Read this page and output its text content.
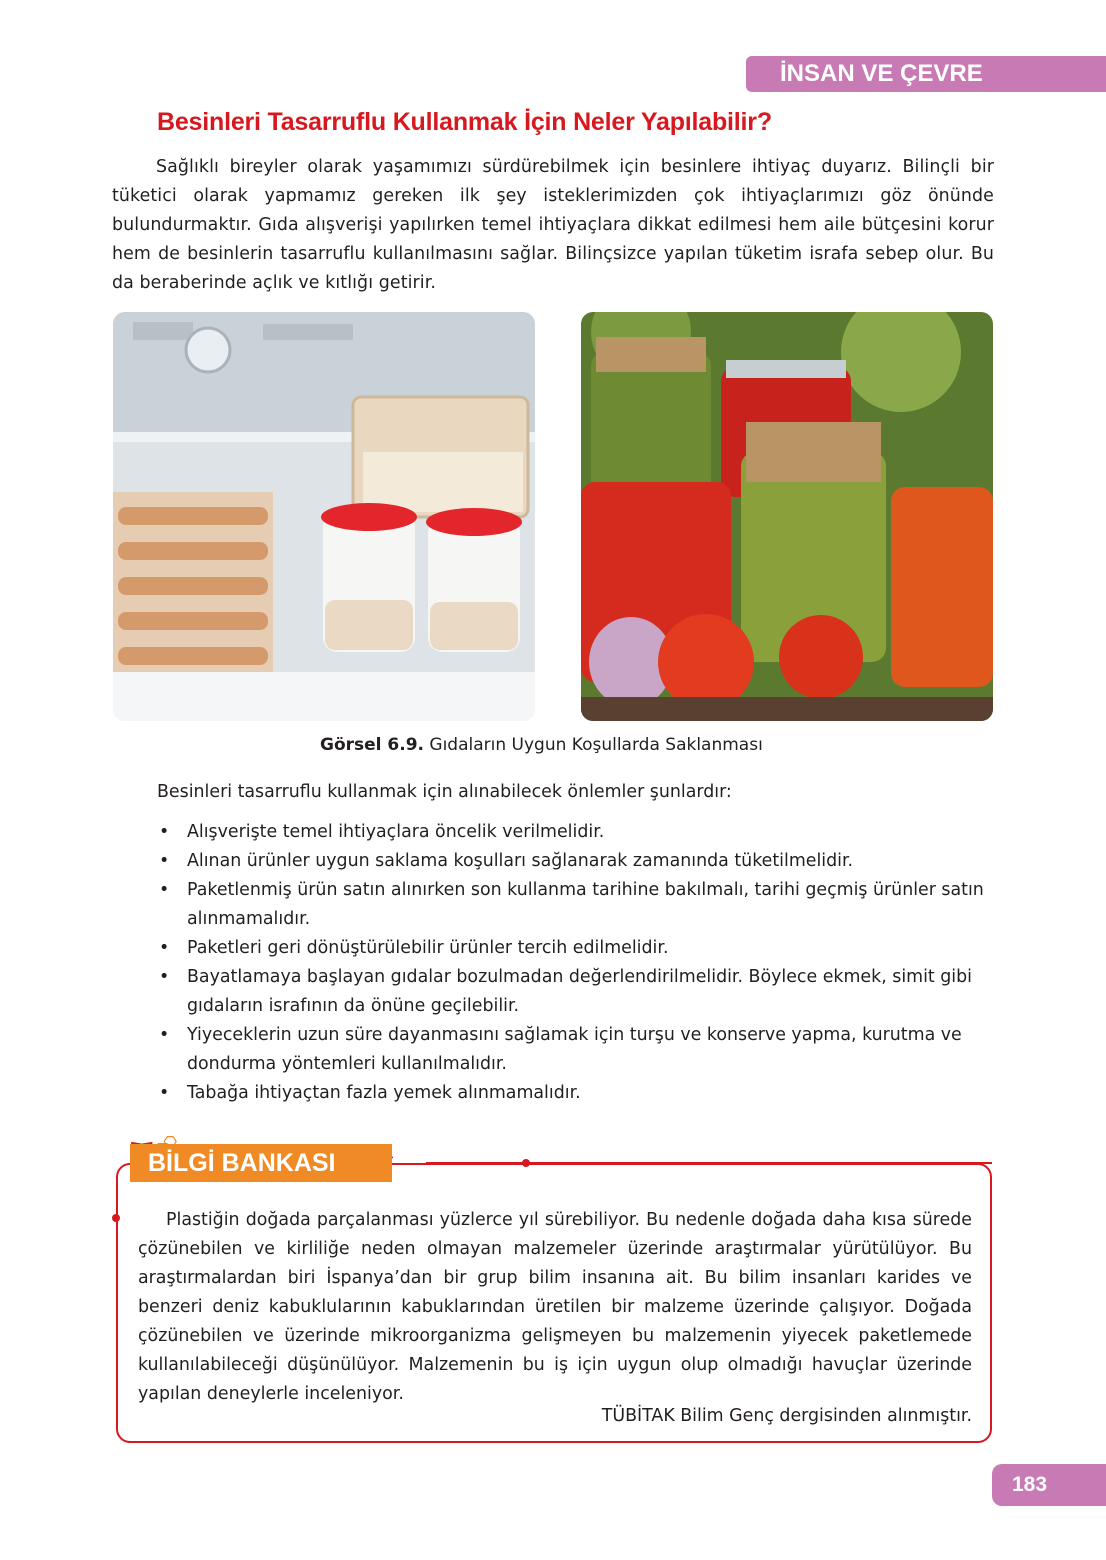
İNSAN VE ÇEVRE
Besinleri Tasarruflu Kullanmak İçin Neler Yapılabilir?

Sağlıklı bireyler olarak yaşamımızı sürdürebilmek için besinlere ihtiyaç duyarız. Bilinçli bir tüketici olarak yapmamız gereken ilk şey isteklerimizden çok ihtiyaçlarımızı göz önünde bulundurmaktır. Gıda alışverişi yapılırken temel ihtiyaçlara dikkat edilmesi hem aile bütçesini korur hem de besinlerin tasarruflu kullanılmasını sağlar. Bilinçsizce yapılan tüketim israfa sebep olur. Bu da beraberinde açlık ve kıtlığı getirir.

Görsel 6.9. Gıdaların Uygun Koşullarda Saklanması
Besinleri tasarruflu kullanmak için alınabilecek önlemler şunlardır:
• Alışverişte temel ihtiyaçlara öncelik verilmelidir.
• Alınan ürünler uygun saklama koşulları sağlanarak zamanında tüketilmelidir.
• Paketlenmiş ürün satın alınırken son kullanma tarihine bakılmalı, tarihi geçmiş ürünler satın alınmamalıdır.
• Paketleri geri dönüştürülebilir ürünler tercih edilmelidir.
• Bayatlamaya başlayan gıdalar bozulmadan değerlendirilmelidir. Böylece ekmek, simit gibi gıdaların israfının da önüne geçilebilir.
• Yiyeceklerin uzun süre dayanmasını sağlamak için turşu ve konserve yapma, kurutma ve dondurma yöntemleri kullanılmalıdır.
• Tabağa ihtiyaçtan fazla yemek alınmamalıdır.
BİLGİ BANKASI

Plastiğin doğada parçalanması yüzlerce yıl sürebiliyor. Bu nedenle doğada daha kısa sürede çözünebilen ve kirliliğe neden olmayan malzemeler üzerinde araştırmalar yürütülüyor. Bu araştırmalardan biri İspanya’dan bir grup bilim insanına ait. Bu bilim insanları karides ve benzeri deniz kabuklularının kabuklarından üretilen bir malzeme üzerinde çalışıyor. Doğada çözünebilen ve üzerinde mikroorganizma gelişmeyen bu malzemenin yiyecek paketlemede kullanılabileceği düşünülüyor. Malzemenin bu iş için uygun olup olmadığı havuçlar üzerinde yapılan deneylerle inceleniyor.

TÜBİTAK Bilim Genç dergisinden alınmıştır.
183
